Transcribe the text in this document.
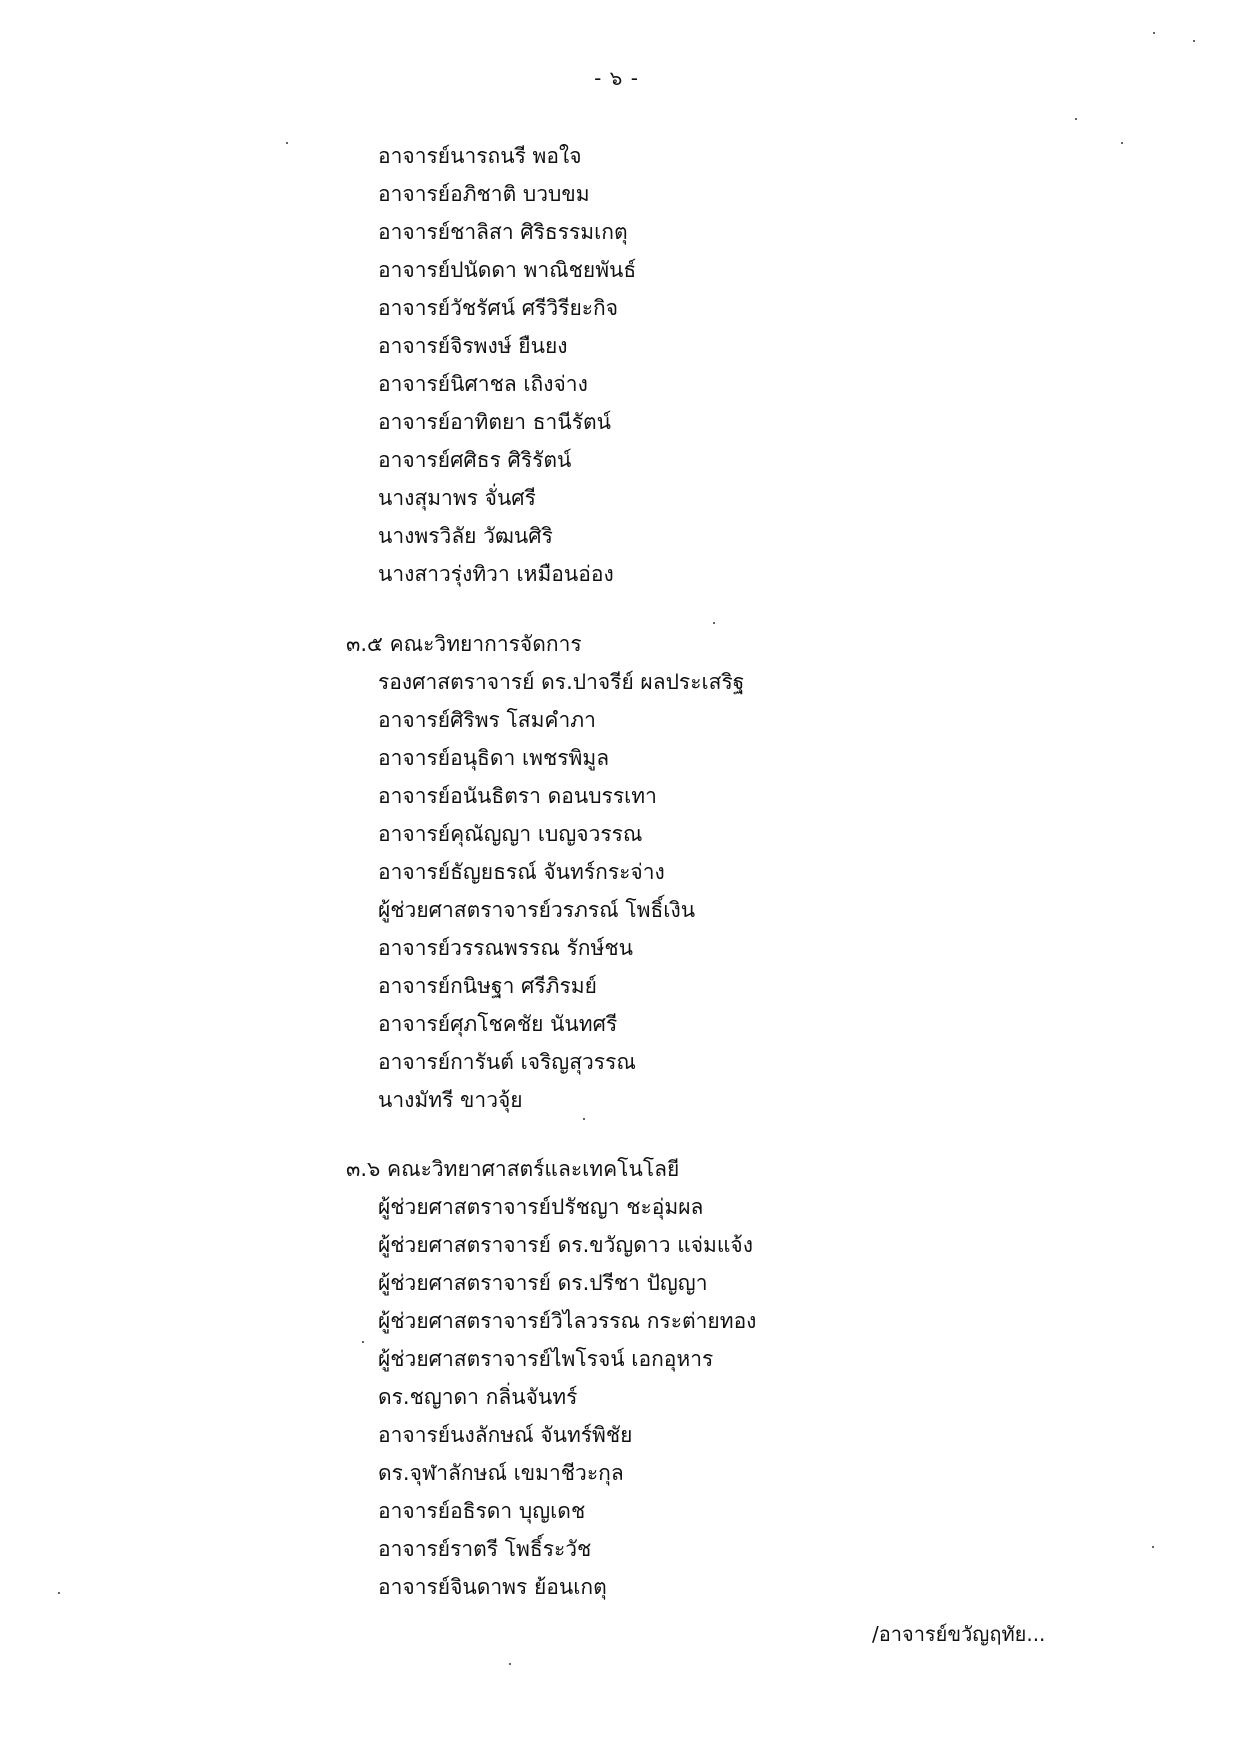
- ๖ -
อาจารย์นารถนรี พอใจ
อาจารย์อภิชาติ บวบขม
อาจารย์ชาลิสา ศิริธรรมเกตุ
อาจารย์ปนัดดา พาณิชยพันธ์
อาจารย์วัชรัศน์ ศรีวิรียะกิจ
อาจารย์จิรพงษ์ ยืนยง
อาจารย์นิศาชล เถิงจ่าง
อาจารย์อาทิตยา ธานีรัตน์
อาจารย์ศศิธร ศิริรัตน์
นางสุมาพร จั่นศรี
นางพรวิลัย วัฒนศิริ
นางสาวรุ่งทิวา เหมือนอ่อง
๓.๕ คณะวิทยาการจัดการ
รองศาสตราจารย์ ดร.ปาจรีย์ ผลประเสริฐ
อาจารย์ศิริพร โสมคำภา
อาจารย์อนุธิดา เพชรพิมูล
อาจารย์อนันธิตรา ดอนบรรเทา
อาจารย์คุณัญญา เบญจวรรณ
อาจารย์ธัญยธรณ์ จันทร์กระจ่าง
ผู้ช่วยศาสตราจารย์วรภรณ์ โพธิ์เงิน
อาจารย์วรรณพรรณ รักษ์ชน
อาจารย์กนิษฐา ศรีภิรมย์
อาจารย์ศุภโชคชัย นันทศรี
อาจารย์การันต์ เจริญสุวรรณ
นางมัทรี ขาวจุ้ย
๓.๖ คณะวิทยาศาสตร์และเทคโนโลยี
ผู้ช่วยศาสตราจารย์ปรัชญา ชะอุ่มผล
ผู้ช่วยศาสตราจารย์ ดร.ขวัญดาว แจ่มแจ้ง
ผู้ช่วยศาสตราจารย์ ดร.ปรีชา ปัญญา
ผู้ช่วยศาสตราจารย์วิไลวรรณ กระต่ายทอง
ผู้ช่วยศาสตราจารย์ไพโรจน์ เอกอุหาร
ดร.ชญาดา กลิ่นจันทร์
อาจารย์นงลักษณ์ จันทร์พิชัย
ดร.จุฬาลักษณ์ เขมาชีวะกุล
อาจารย์อธิรดา บุญเดช
อาจารย์ราตรี โพธิ์ระวัช
อาจารย์จินดาพร ย้อนเกตุ
/อาจารย์ขวัญฤทัย...
